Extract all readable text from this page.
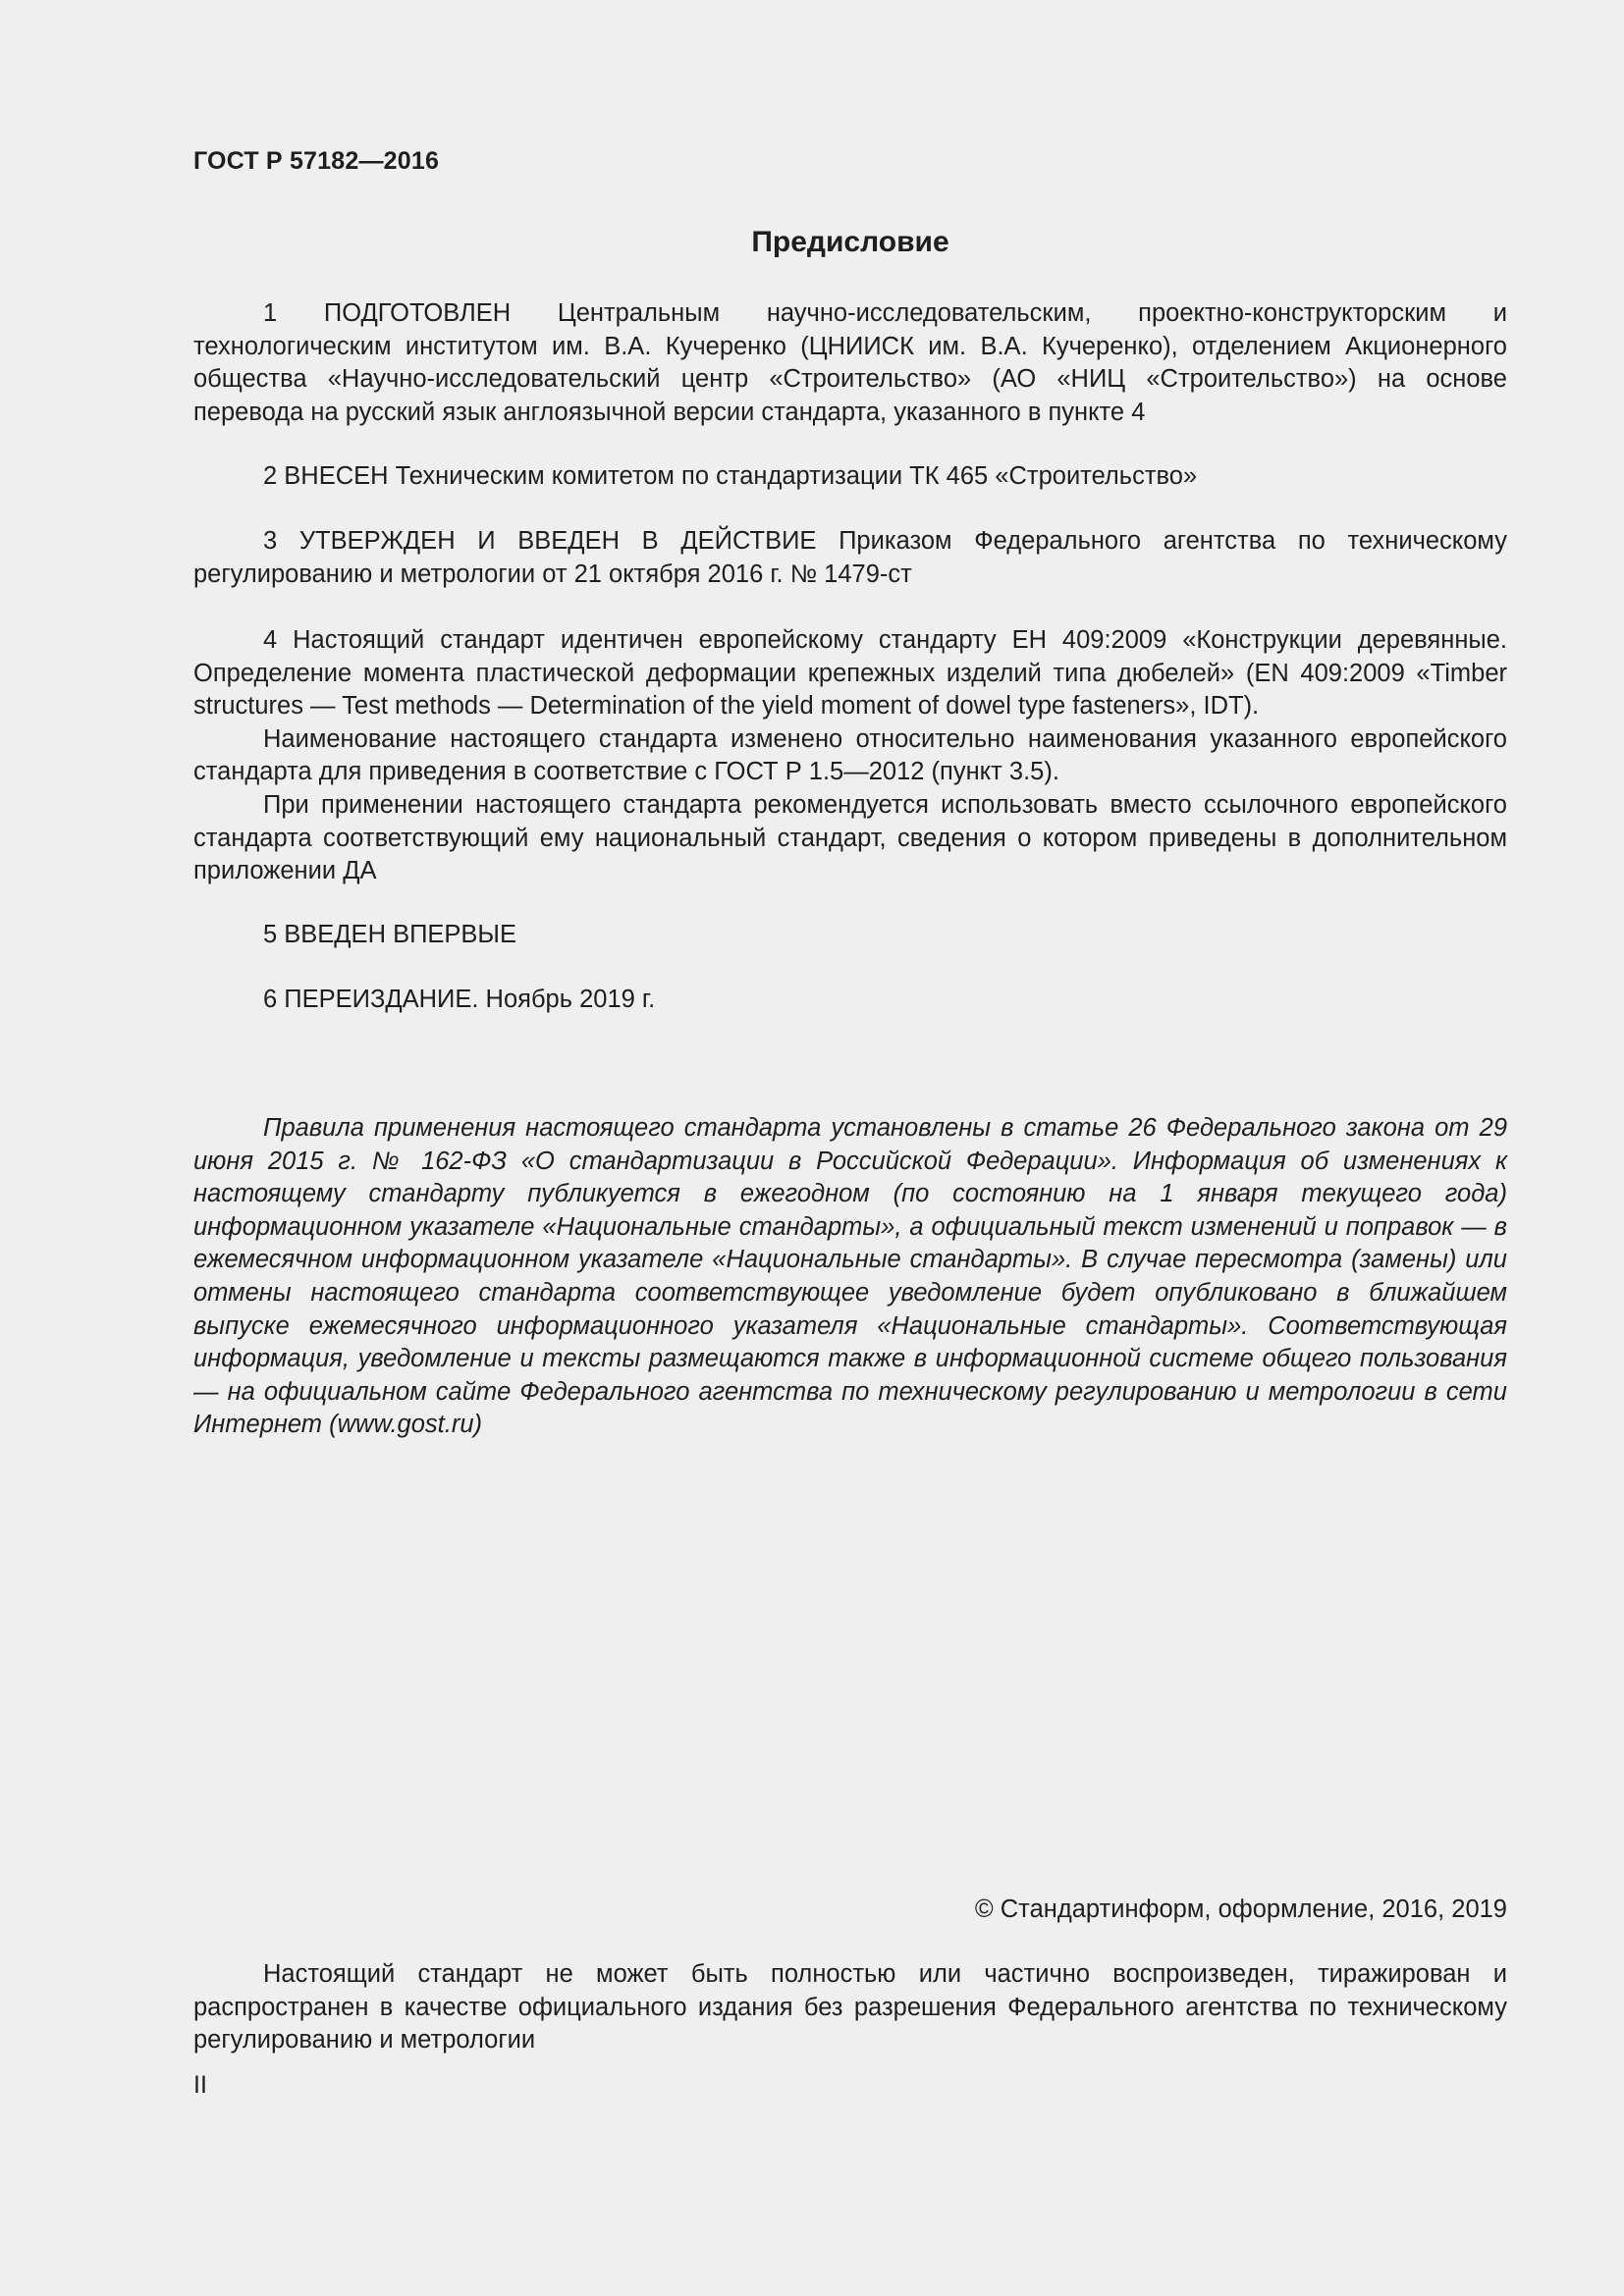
ГОСТ Р 57182—2016
Предисловие

1 ПОДГОТОВЛЕН Центральным научно-исследовательским, проектно-конструкторским и технологическим институтом им. В.А. Кучеренко (ЦНИИСК им. В.А. Кучеренко), отделением Акционерного общества «Научно-исследовательский центр «Строительство» (АО «НИЦ «Строительство») на основе перевода на русский язык англоязычной версии стандарта, указанного в пункте 4

2 ВНЕСЕН Техническим комитетом по стандартизации ТК 465 «Строительство»

3 УТВЕРЖДЕН И ВВЕДЕН В ДЕЙСТВИЕ Приказом Федерального агентства по техническому регулированию и метрологии от 21 октября 2016 г. № 1479-ст

4 Настоящий стандарт идентичен европейскому стандарту ЕН 409:2009 «Конструкции деревянные. Определение момента пластической деформации крепежных изделий типа дюбелей» (EN 409:2009 «Timber structures — Test methods — Determination of the yield moment of dowel type fasteners», IDT).

Наименование настоящего стандарта изменено относительно наименования указанного европейского стандарта для приведения в соответствие с ГОСТ Р 1.5—2012 (пункт 3.5).

При применении настоящего стандарта рекомендуется использовать вместо ссылочного европейского стандарта соответствующий ему национальный стандарт, сведения о котором приведены в дополнительном приложении ДА

5 ВВЕДЕН ВПЕРВЫЕ

6 ПЕРЕИЗДАНИЕ. Ноябрь 2019 г.

Правила применения настоящего стандарта установлены в статье 26 Федерального закона от 29 июня 2015 г. № 162-ФЗ «О стандартизации в Российской Федерации». Информация об изменениях к настоящему стандарту публикуется в ежегодном (по состоянию на 1 января текущего года) информационном указателе «Национальные стандарты», а официальный текст изменений и поправок — в ежемесячном информационном указателе «Национальные стандарты». В случае пересмотра (замены) или отмены настоящего стандарта соответствующее уведомление будет опубликовано в ближайшем выпуске ежемесячного информационного указателя «Национальные стандарты». Соответствующая информация, уведомление и тексты размещаются также в информационной системе общего пользования — на официальном сайте Федерального агентства по техническому регулированию и метрологии в сети Интернет (www.gost.ru)

© Стандартинформ, оформление, 2016, 2019

Настоящий стандарт не может быть полностью или частично воспроизведен, тиражирован и распространен в качестве официального издания без разрешения Федерального агентства по техническому регулированию и метрологии

II
